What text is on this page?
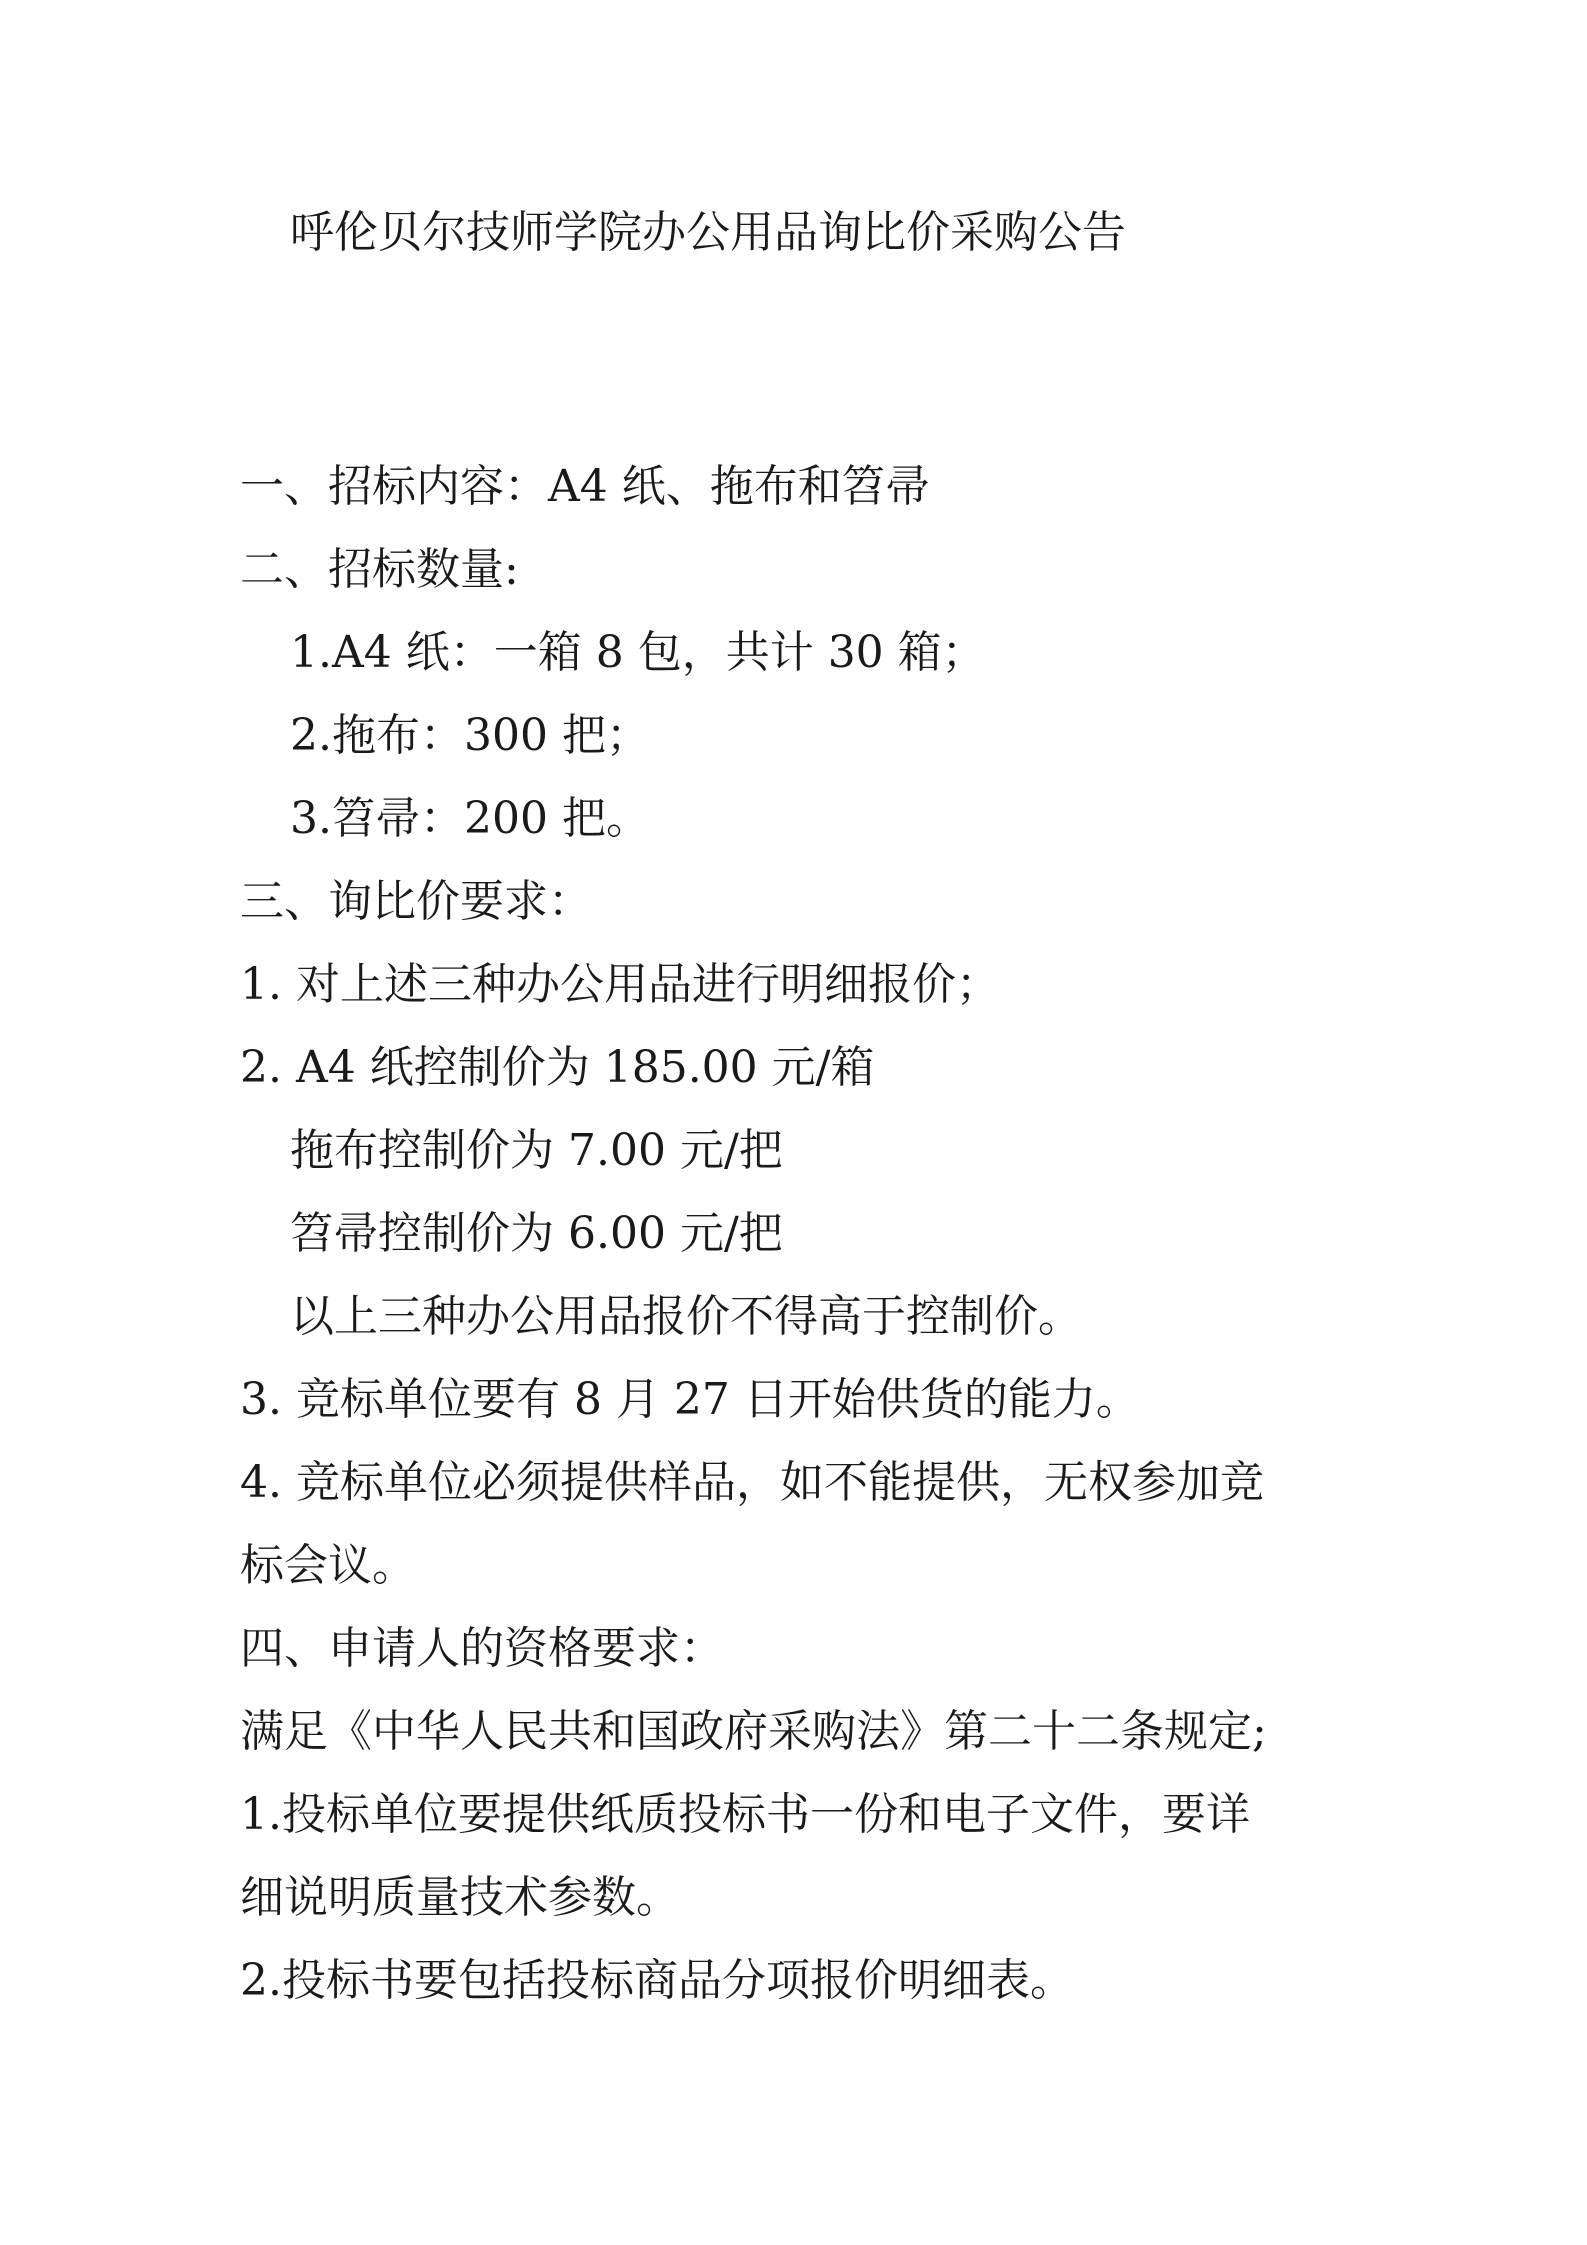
呼伦贝尔技师学院办公用品询比价采购公告
一、招标内容：A4 纸、拖布和笤帚
二、招标数量:
1.A4 纸：一箱 8 包，共计 30 箱；
2.拖布：300 把；
3.笤帚：200 把。
三、询比价要求：
1. 对上述三种办公用品进行明细报价；
2. A4 纸控制价为 185.00 元/箱
拖布控制价为 7.00 元/把
笤帚控制价为 6.00 元/把
以上三种办公用品报价不得高于控制价。
3. 竞标单位要有 8 月 27 日开始供货的能力。
4. 竞标单位必须提供样品，如不能提供，无权参加竞
标会议。
四、申请人的资格要求：
满足《中华人民共和国政府采购法》第二十二条规定;
1.投标单位要提供纸质投标书一份和电子文件，要详
细说明质量技术参数。
2.投标书要包括投标商品分项报价明细表。
